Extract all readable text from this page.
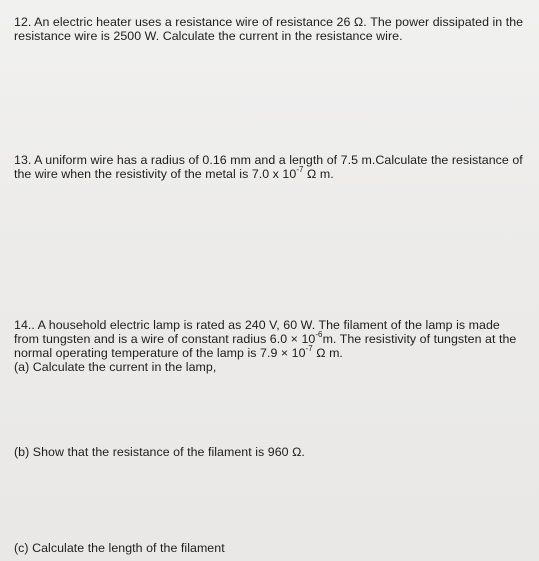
12. An electric heater uses a resistance wire of resistance 26 Ω. The power dissipated in the
resistance wire is 2500 W. Calculate the current in the resistance wire.
13. A uniform wire has a radius of 0.16 mm and a length of 7.5 m.Calculate the resistance of
the wire when the resistivity of the metal is 7.0 x $10^{-7}$ Ω m.
14.. A household electric lamp is rated as 240 V, 60 W. The filament of the lamp is made
from tungsten and is a wire of constant radius $6.0 \times 10^{-6}m$. The resistivity of tungsten at the
normal operating temperature of the lamp is $7.9 \times 10^{-7}$ Ω m.
(a) Calculate the current in the lamp,
(b) Show that the resistance of the filament is 960 Ω.
(c) Calculate the length of the filament
